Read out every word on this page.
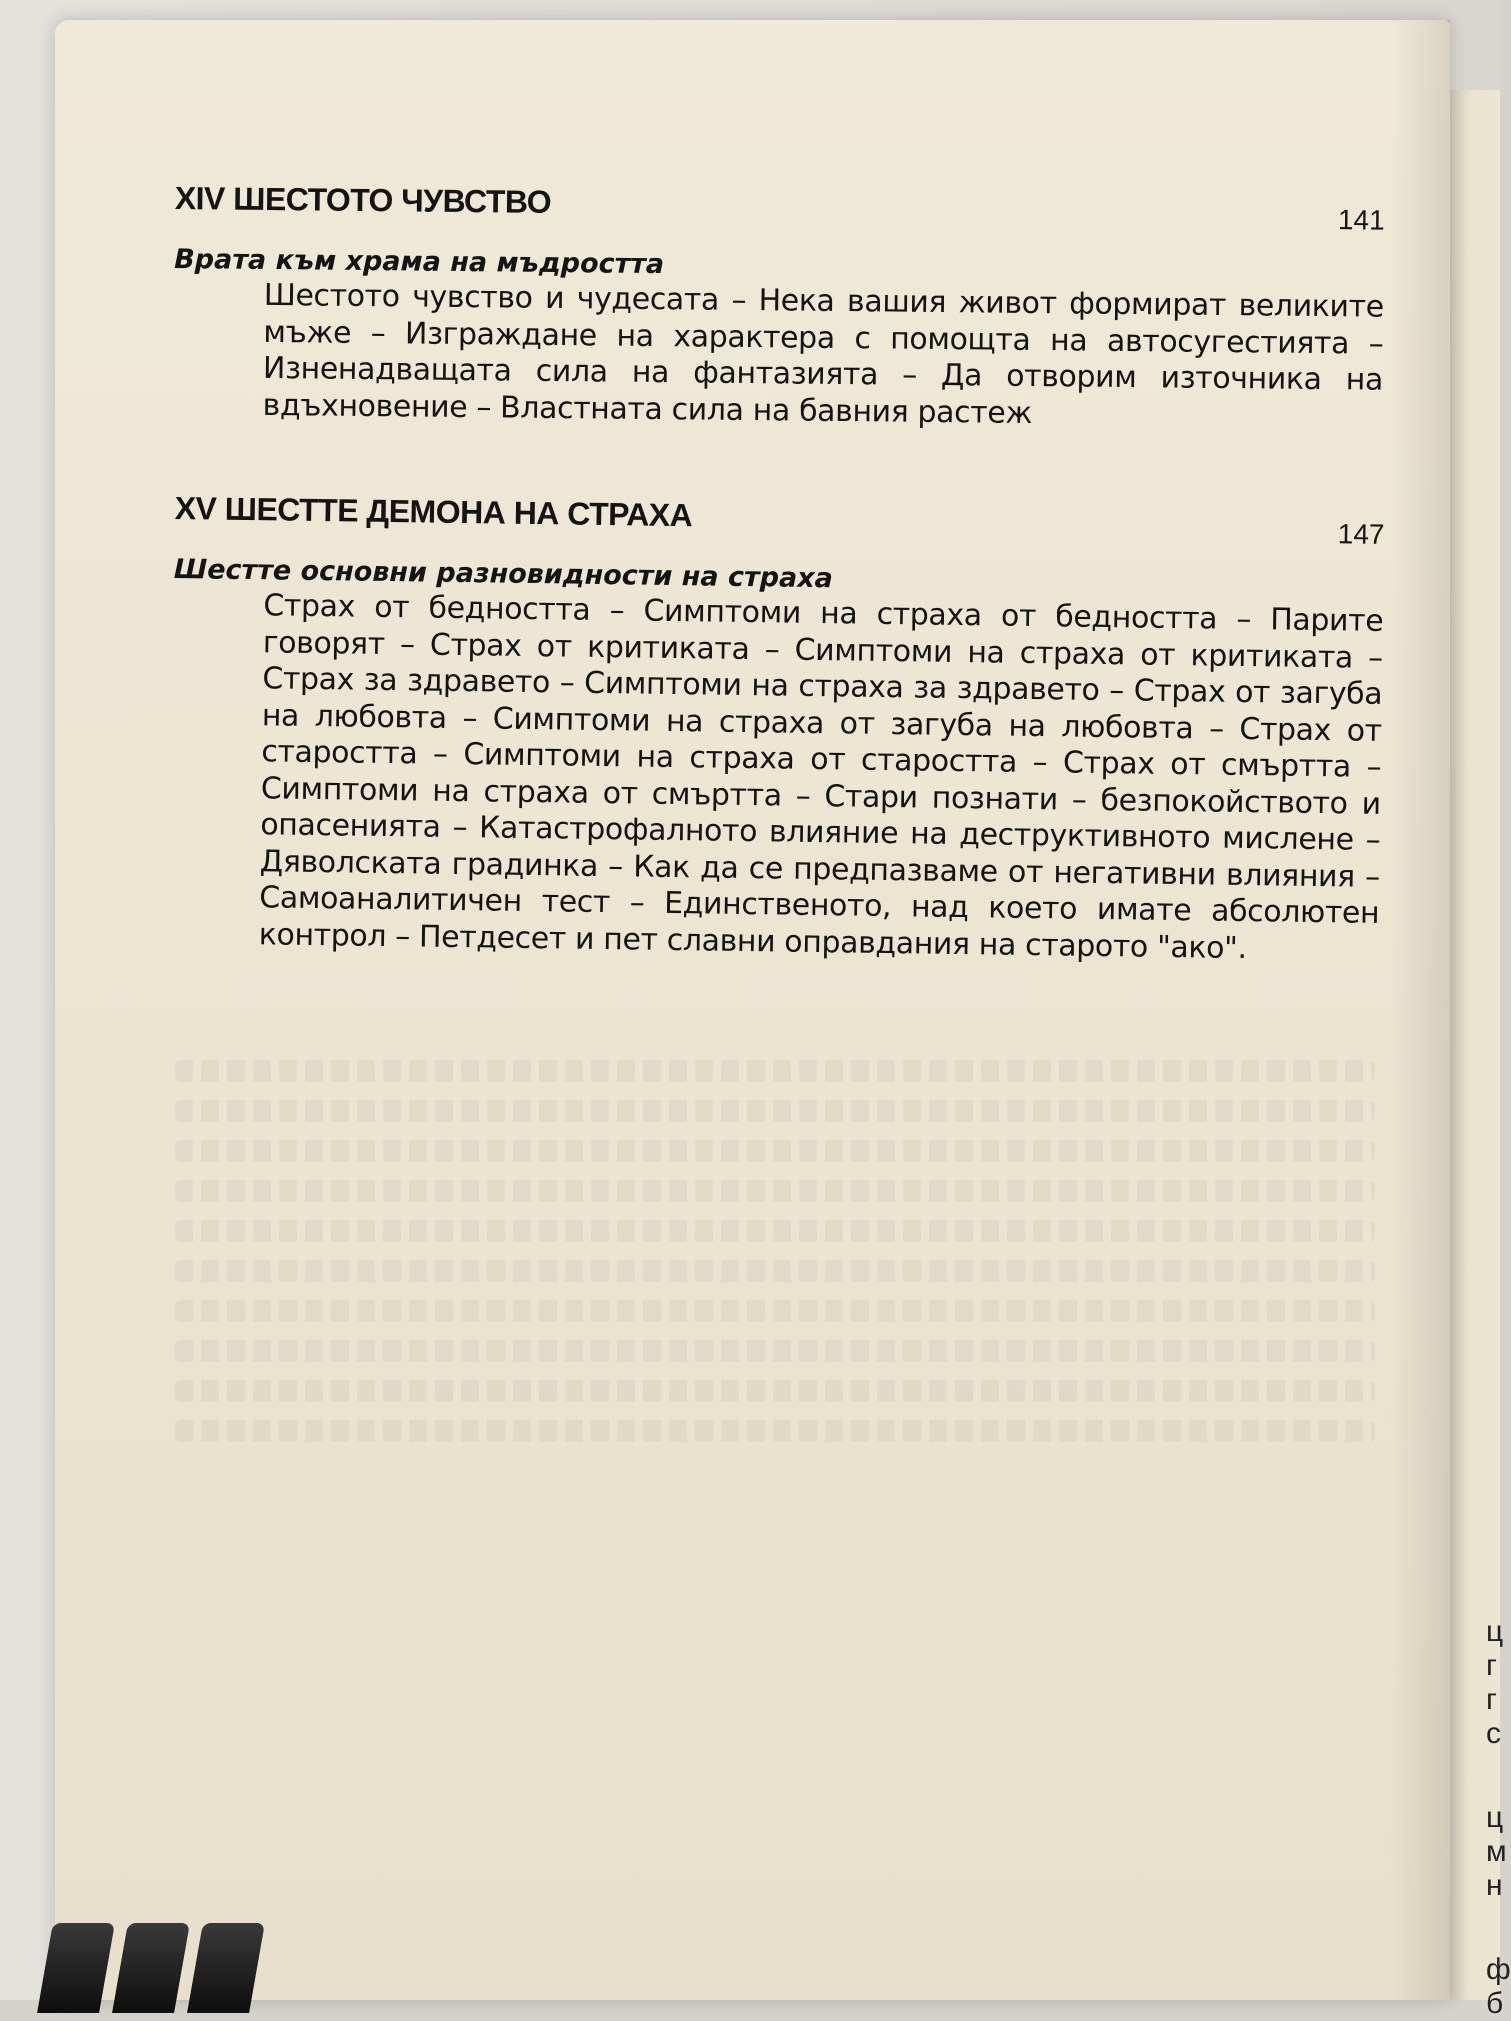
ц
г
г
с
ц
м
н
ф
б
XIV ШЕСТОТО ЧУВСТВО	141
Врата към храма на мъдростта
Шестото чувство и чудесата – Нека вашия живот формират великите мъже – Изграждане на характера с помощта на автосугестията – Изненадващата сила на фантазията – Да отворим източника на вдъхновение – Властната сила на бавния растеж
XV ШЕСТТЕ ДЕМОНА НА СТРАХА
147
Шестте основни разновидности на страха
Страх от бедността – Симптоми на страха от бедността – Парите говорят – Страх от критиката – Симптоми на страха от критиката – Страх за здравето – Симптоми на страха за здравето – Страх от загуба на любовта – Симптоми на страха от загуба на любовта – Страх от старостта – Симптоми на страха от старостта – Страх от смъртта – Симптоми на страха от смъртта – Стари познати – безпокойството и опасенията – Катастрофалното влияние на деструктивното мислене – Дяволската градинка – Как да се предпазваме от негативни влияния – Самоаналитичен тест – Единственото, над което имате абсолютен контрол – Петдесет и пет славни оправдания на старото "ако".
